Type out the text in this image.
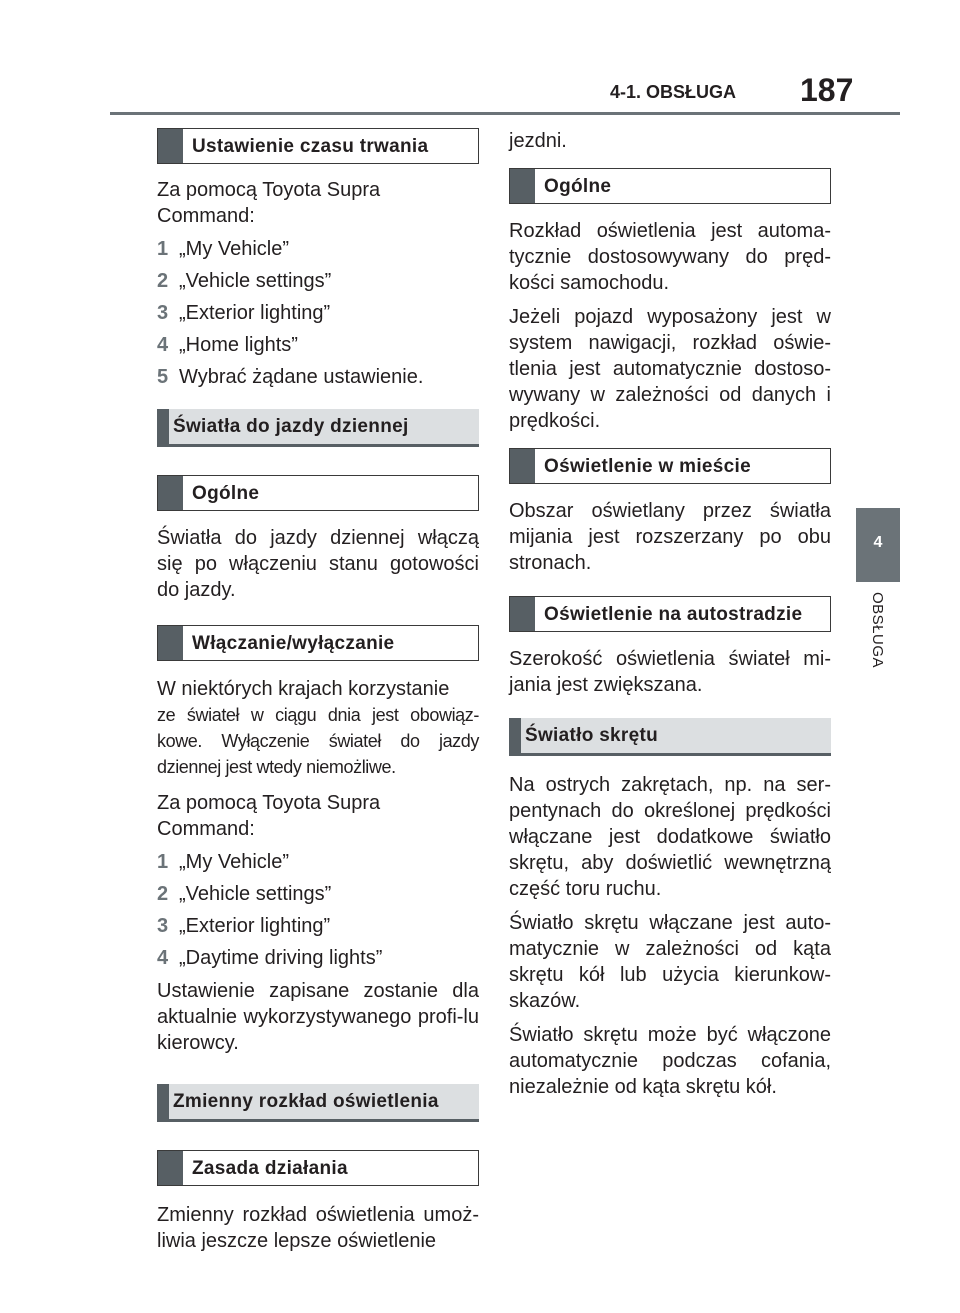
4-1. OBSŁUGA 187
4
OBSŁUGA
Ustawienie czasu trwania

Za pomocą Toyota Supra Command:

1 „My Vehicle”

2 „Vehicle settings”

3 „Exterior lighting”

4 „Home lights”

5 Wybrać żądane ustawienie.

Światła do jazdy dziennej
Ogólne

Światła do jazdy dziennej włączą się po włączeniu stanu gotowości do jazdy.

Włączanie/wyłączanie

W niektórych krajach korzystanie

ze świateł w ciągu dnia jest obowiąz-kowe. Wyłączenie świateł do jazdy dziennej jest wtedy niemożliwe.

Za pomocą Toyota Supra Command:

1 „My Vehicle”

2 „Vehicle settings”

3 „Exterior lighting”

4 „Daytime driving lights”

Ustawienie zapisane zostanie dla aktualnie wykorzystywanego profi-lu kierowcy.

Zmienny rozkład oświetlenia
Zasada działania

Zmienny rozkład oświetlenia umoż-liwia jeszcze lepsze oświetlenie

jezdni.

Ogólne

Rozkład oświetlenia jest automa-tycznie dostosowywany do pręd-kości samochodu.

Jeżeli pojazd wyposażony jest w system nawigacji, rozkład oświe-tlenia jest automatycznie dostoso-wywany w zależności od danych i prędkości.

Oświetlenie w mieście

Obszar oświetlany przez światła mijania jest rozszerzany po obu stronach.

Oświetlenie na autostradzie

Szerokość oświetlenia świateł mi-jania jest zwiększana.

Światło skrętu

Na ostrych zakrętach, np. na ser-pentynach do określonej prędkości włączane jest dodatkowe światło skrętu, aby doświetlić wewnętrzną część toru ruchu.

Światło skrętu włączane jest auto-matycznie w zależności od kąta skrętu kół lub użycia kierunkow-skazów.

Światło skrętu może być włączone automatycznie podczas cofania, niezależnie od kąta skrętu kół.
